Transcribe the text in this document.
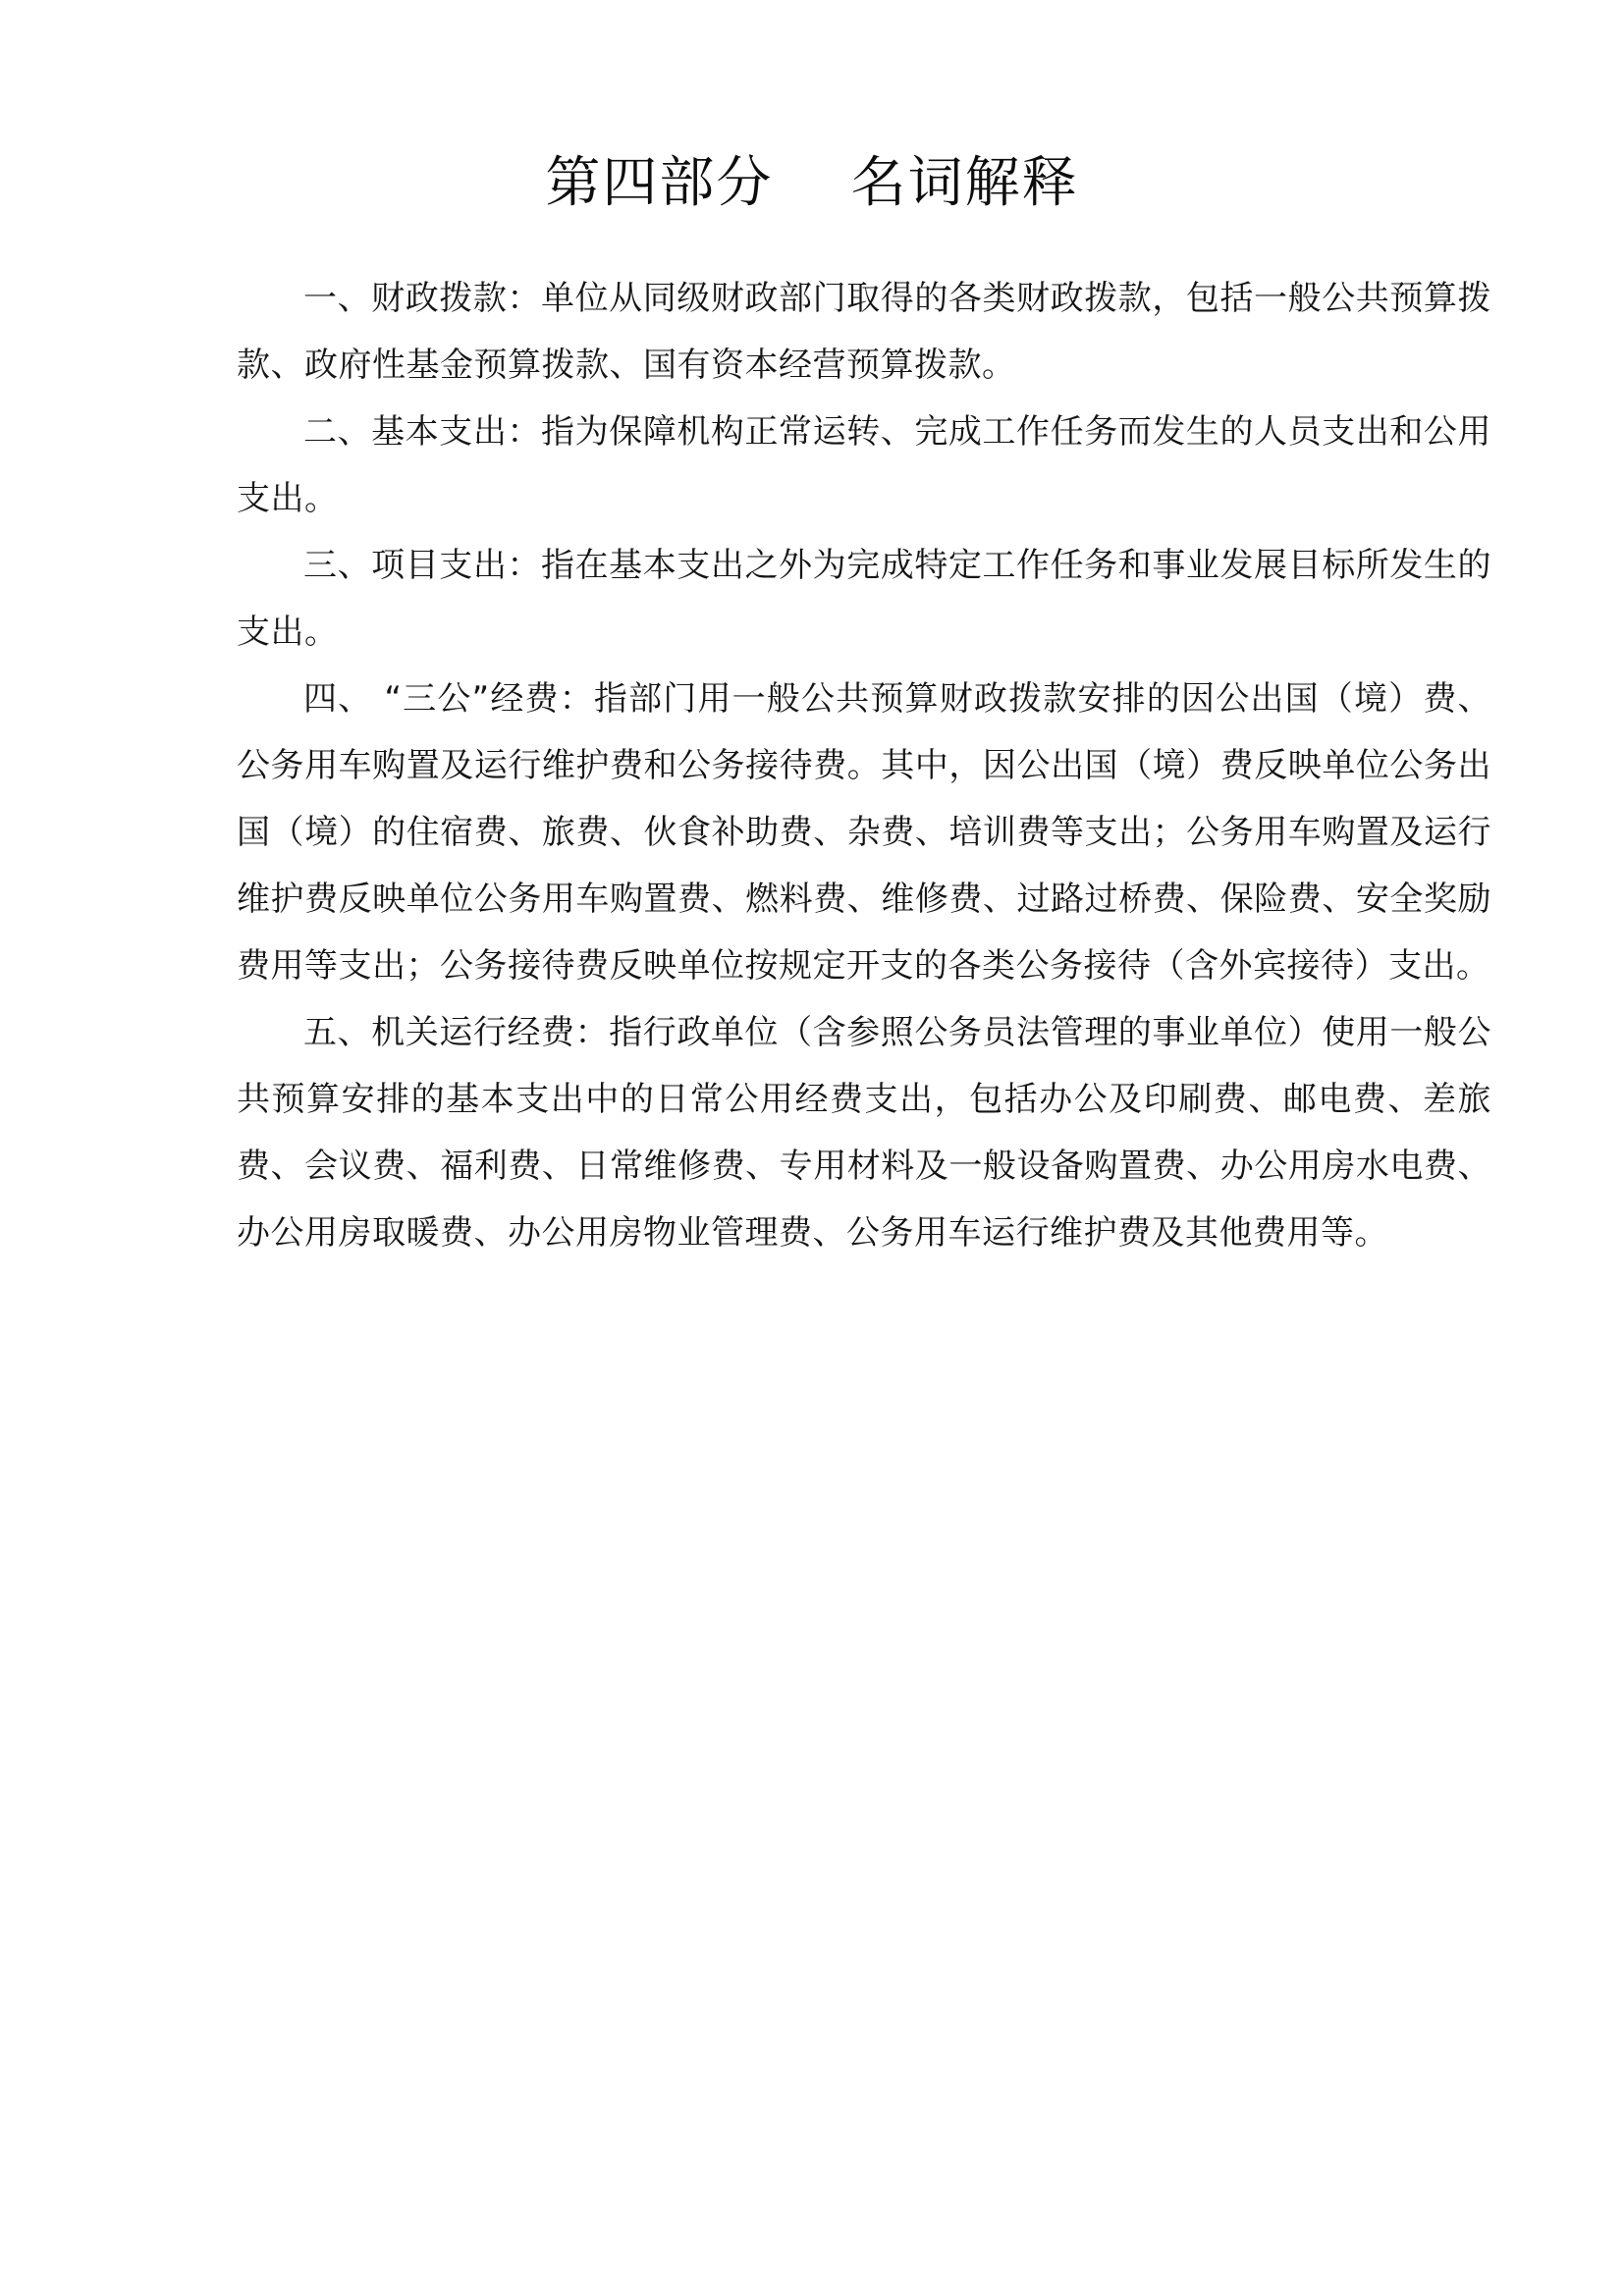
第四部分    名词解释

一、财政拨款：单位从同级财政部门取得的各类财政拨款，包括一般公共预算拨款、政府性基金预算拨款、国有资本经营预算拨款。

二、基本支出：指为保障机构正常运转、完成工作任务而发生的人员支出和公用支出。

三、项目支出：指在基本支出之外为完成特定工作任务和事业发展目标所发生的支出。

四、 “三公”经费：指部门用一般公共预算财政拨款安排的因公出国（境）费、公务用车购置及运行维护费和公务接待费。其中，因公出国（境）费反映单位公务出国（境）的住宿费、旅费、伙食补助费、杂费、培训费等支出；公务用车购置及运行维护费反映单位公务用车购置费、燃料费、维修费、过路过桥费、保险费、安全奖励费用等支出；公务接待费反映单位按规定开支的各类公务接待（含外宾接待）支出。

五、机关运行经费：指行政单位（含参照公务员法管理的事业单位）使用一般公共预算安排的基本支出中的日常公用经费支出，包括办公及印刷费、邮电费、差旅费、会议费、福利费、日常维修费、专用材料及一般设备购置费、办公用房水电费、办公用房取暖费、办公用房物业管理费、公务用车运行维护费及其他费用等。
